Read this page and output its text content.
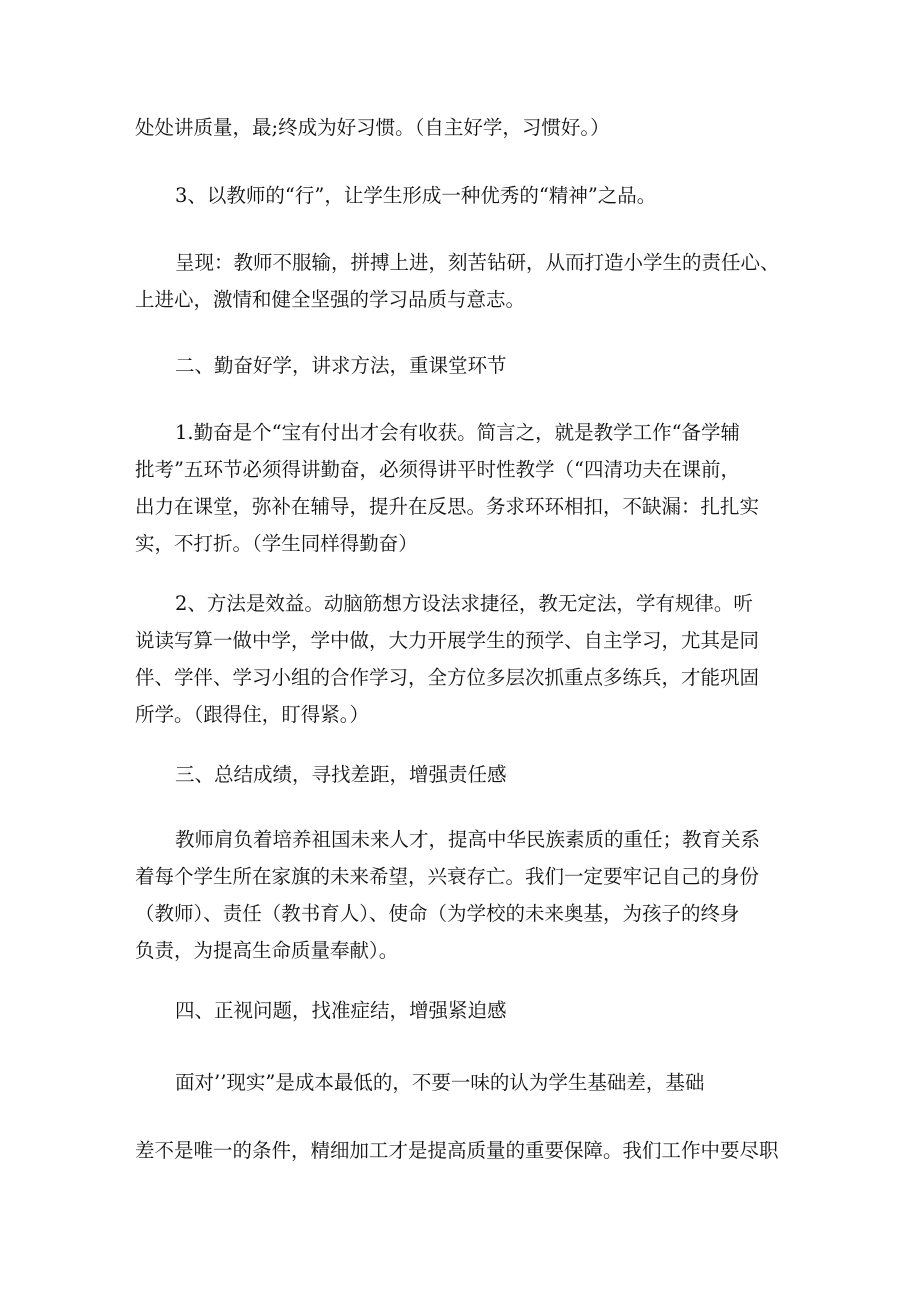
处处讲质量，最;终成为好习惯。（自主好学，习惯好。）
3、以教师的“行”，让学生形成一种优秀的“精神”之品。
呈现：教师不服输，拼搏上进，刻苦钻研，从而打造小学生的责任心、
上进心，激情和健全坚强的学习品质与意志。
二、勤奋好学，讲求方法，重课堂环节
1.勤奋是个“宝有付出才会有收获。简言之，就是教学工作“备学辅
批考”五环节必须得讲勤奋，必须得讲平时性教学（“四清功夫在课前，
出力在课堂，弥补在辅导，提升在反思。务求环环相扣，不缺漏：扎扎实
实，不打折。（学生同样得勤奋）
2、方法是效益。动脑筋想方设法求捷径，教无定法，学有规律。听
说读写算一做中学，学中做，大力开展学生的预学、自主学习，尤其是同
伴、学伴、学习小组的合作学习，全方位多层次抓重点多练兵，才能巩固
所学。（跟得住，盯得紧。）
三、总结成绩，寻找差距，增强责任感
教师肩负着培养祖国未来人才，提高中华民族素质的重任；教育关系
着每个学生所在家旗的未来希望，兴衰存亡。我们一定要牢记自己的身份
（教师）、责任（教书育人）、使命（为学校的未来奥基，为孩子的终身
负责，为提高生命质量奉献）。
四、正视问题，找准症结，增强紧迫感
面对’’现实”是成本最低的，不要一味的认为学生基础差，基础
差不是唯一的条件，精细加工才是提高质量的重要保障。我们工作中要尽职
